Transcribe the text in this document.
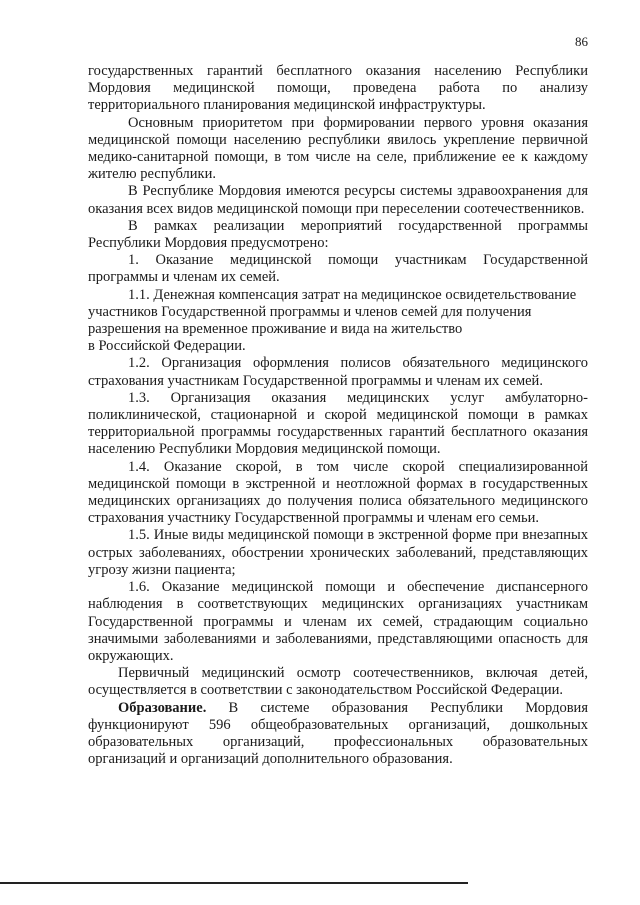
86

государственных гарантий бесплатного оказания населению Республики Мордовия медицинской помощи, проведена работа по анализу территориального планирования медицинской инфраструктуры.

Основным приоритетом при формировании первого уровня оказания медицинской помощи населению республики явилось укрепление первичной медико-санитарной помощи, в том числе на селе, приближение ее к каждому жителю республики.

В Республике Мордовия имеются ресурсы системы здравоохранения для оказания всех видов медицинской помощи при переселении соотечественников.

В рамках реализации мероприятий государственной программы Республики Мордовия предусмотрено:

1. Оказание медицинской помощи участникам Государственной программы и членам их семей.

1.1. Денежная компенсация затрат на медицинское освидетельствование участников Государственной программы и членов семей для получения разрешения на временное проживание и вида на жительство

в Российской Федерации.

1.2. Организация оформления полисов обязательного медицинского страхования участникам Государственной программы и членам их семей.

1.3. Организация оказания медицинских услуг амбулаторно-поликлинической, стационарной и скорой медицинской помощи в рамках территориальной программы государственных гарантий бесплатного оказания населению Республики Мордовия медицинской помощи.

1.4. Оказание скорой, в том числе скорой специализированной медицинской помощи в экстренной и неотложной формах в государственных медицинских организациях до получения полиса обязательного медицинского страхования участнику Государственной программы и членам его семьи.

1.5. Иные виды медицинской помощи в экстренной форме при внезапных острых заболеваниях, обострении хронических заболеваний, представляющих угрозу жизни пациента;

1.6. Оказание медицинской помощи и обеспечение диспансерного наблюдения в соответствующих медицинских организациях участникам Государственной программы и членам их семей, страдающим социально значимыми заболеваниями и заболеваниями, представляющими опасность для окружающих.

Первичный медицинский осмотр соотечественников, включая детей, осуществляется в соответствии с законодательством Российской Федерации.

Образование. В системе образования Республики Мордовия функционируют 596 общеобразовательных организаций, дошкольных образовательных организаций, профессиональных образовательных организаций и организаций дополнительного образования.
